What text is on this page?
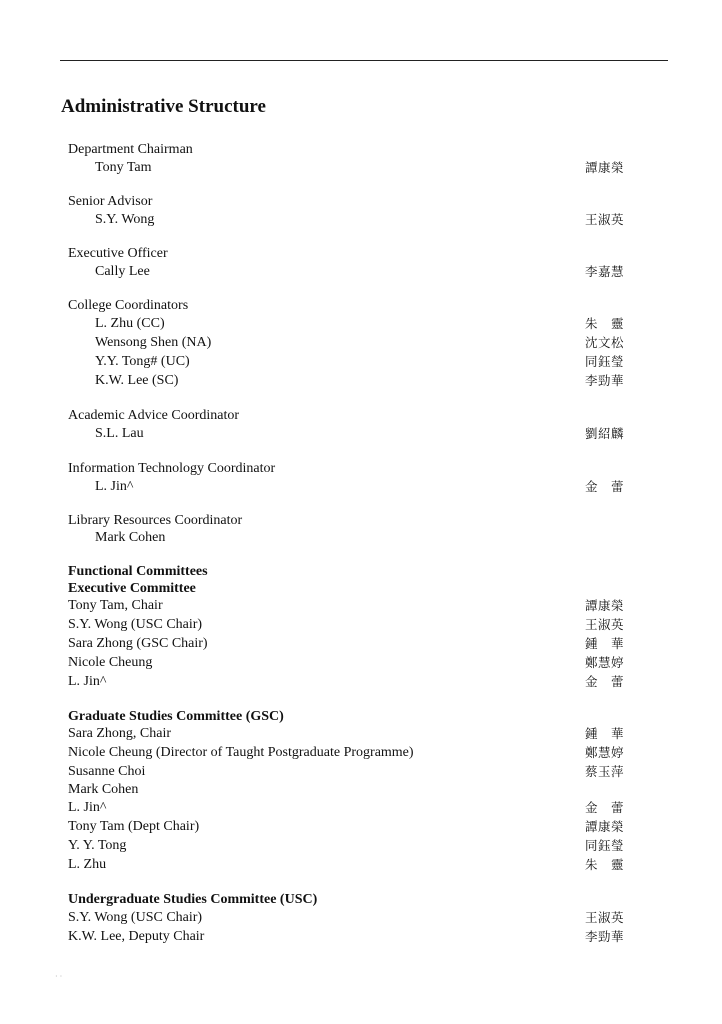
Administrative Structure
Department Chairman
Tony Tam	譚康榮
Senior Advisor
S.Y. Wong	王淑英
Executive Officer
Cally Lee	李嘉慧
College Coordinators
L. Zhu (CC)	朱　靈
Wensong Shen (NA)	沈文松
Y.Y. Tong# (UC)	同鈺瑩
K.W. Lee (SC)	李勁華
Academic Advice Coordinator
S.L. Lau	劉紹麟
Information Technology Coordinator
L. Jin^	金　蕾
Library Resources Coordinator
Mark Cohen
Functional Committees
Executive Committee
Tony Tam, Chair	譚康榮
S.Y. Wong (USC Chair)	王淑英
Sara Zhong (GSC Chair)	鍾　華
Nicole Cheung	鄭慧婷
L. Jin^	金　蕾
Graduate Studies Committee (GSC)
Sara Zhong, Chair	鍾　華
Nicole Cheung (Director of Taught Postgraduate Programme)	鄭慧婷
Susanne Choi	蔡玉萍
Mark Cohen
L. Jin^	金　蕾
Tony Tam (Dept Chair)	譚康榮
Y. Y. Tong	同鈺瑩
L. Zhu	朱　靈
Undergraduate Studies Committee (USC)
S.Y. Wong (USC Chair)	王淑英
K.W. Lee, Deputy Chair	李勁華
· ·
